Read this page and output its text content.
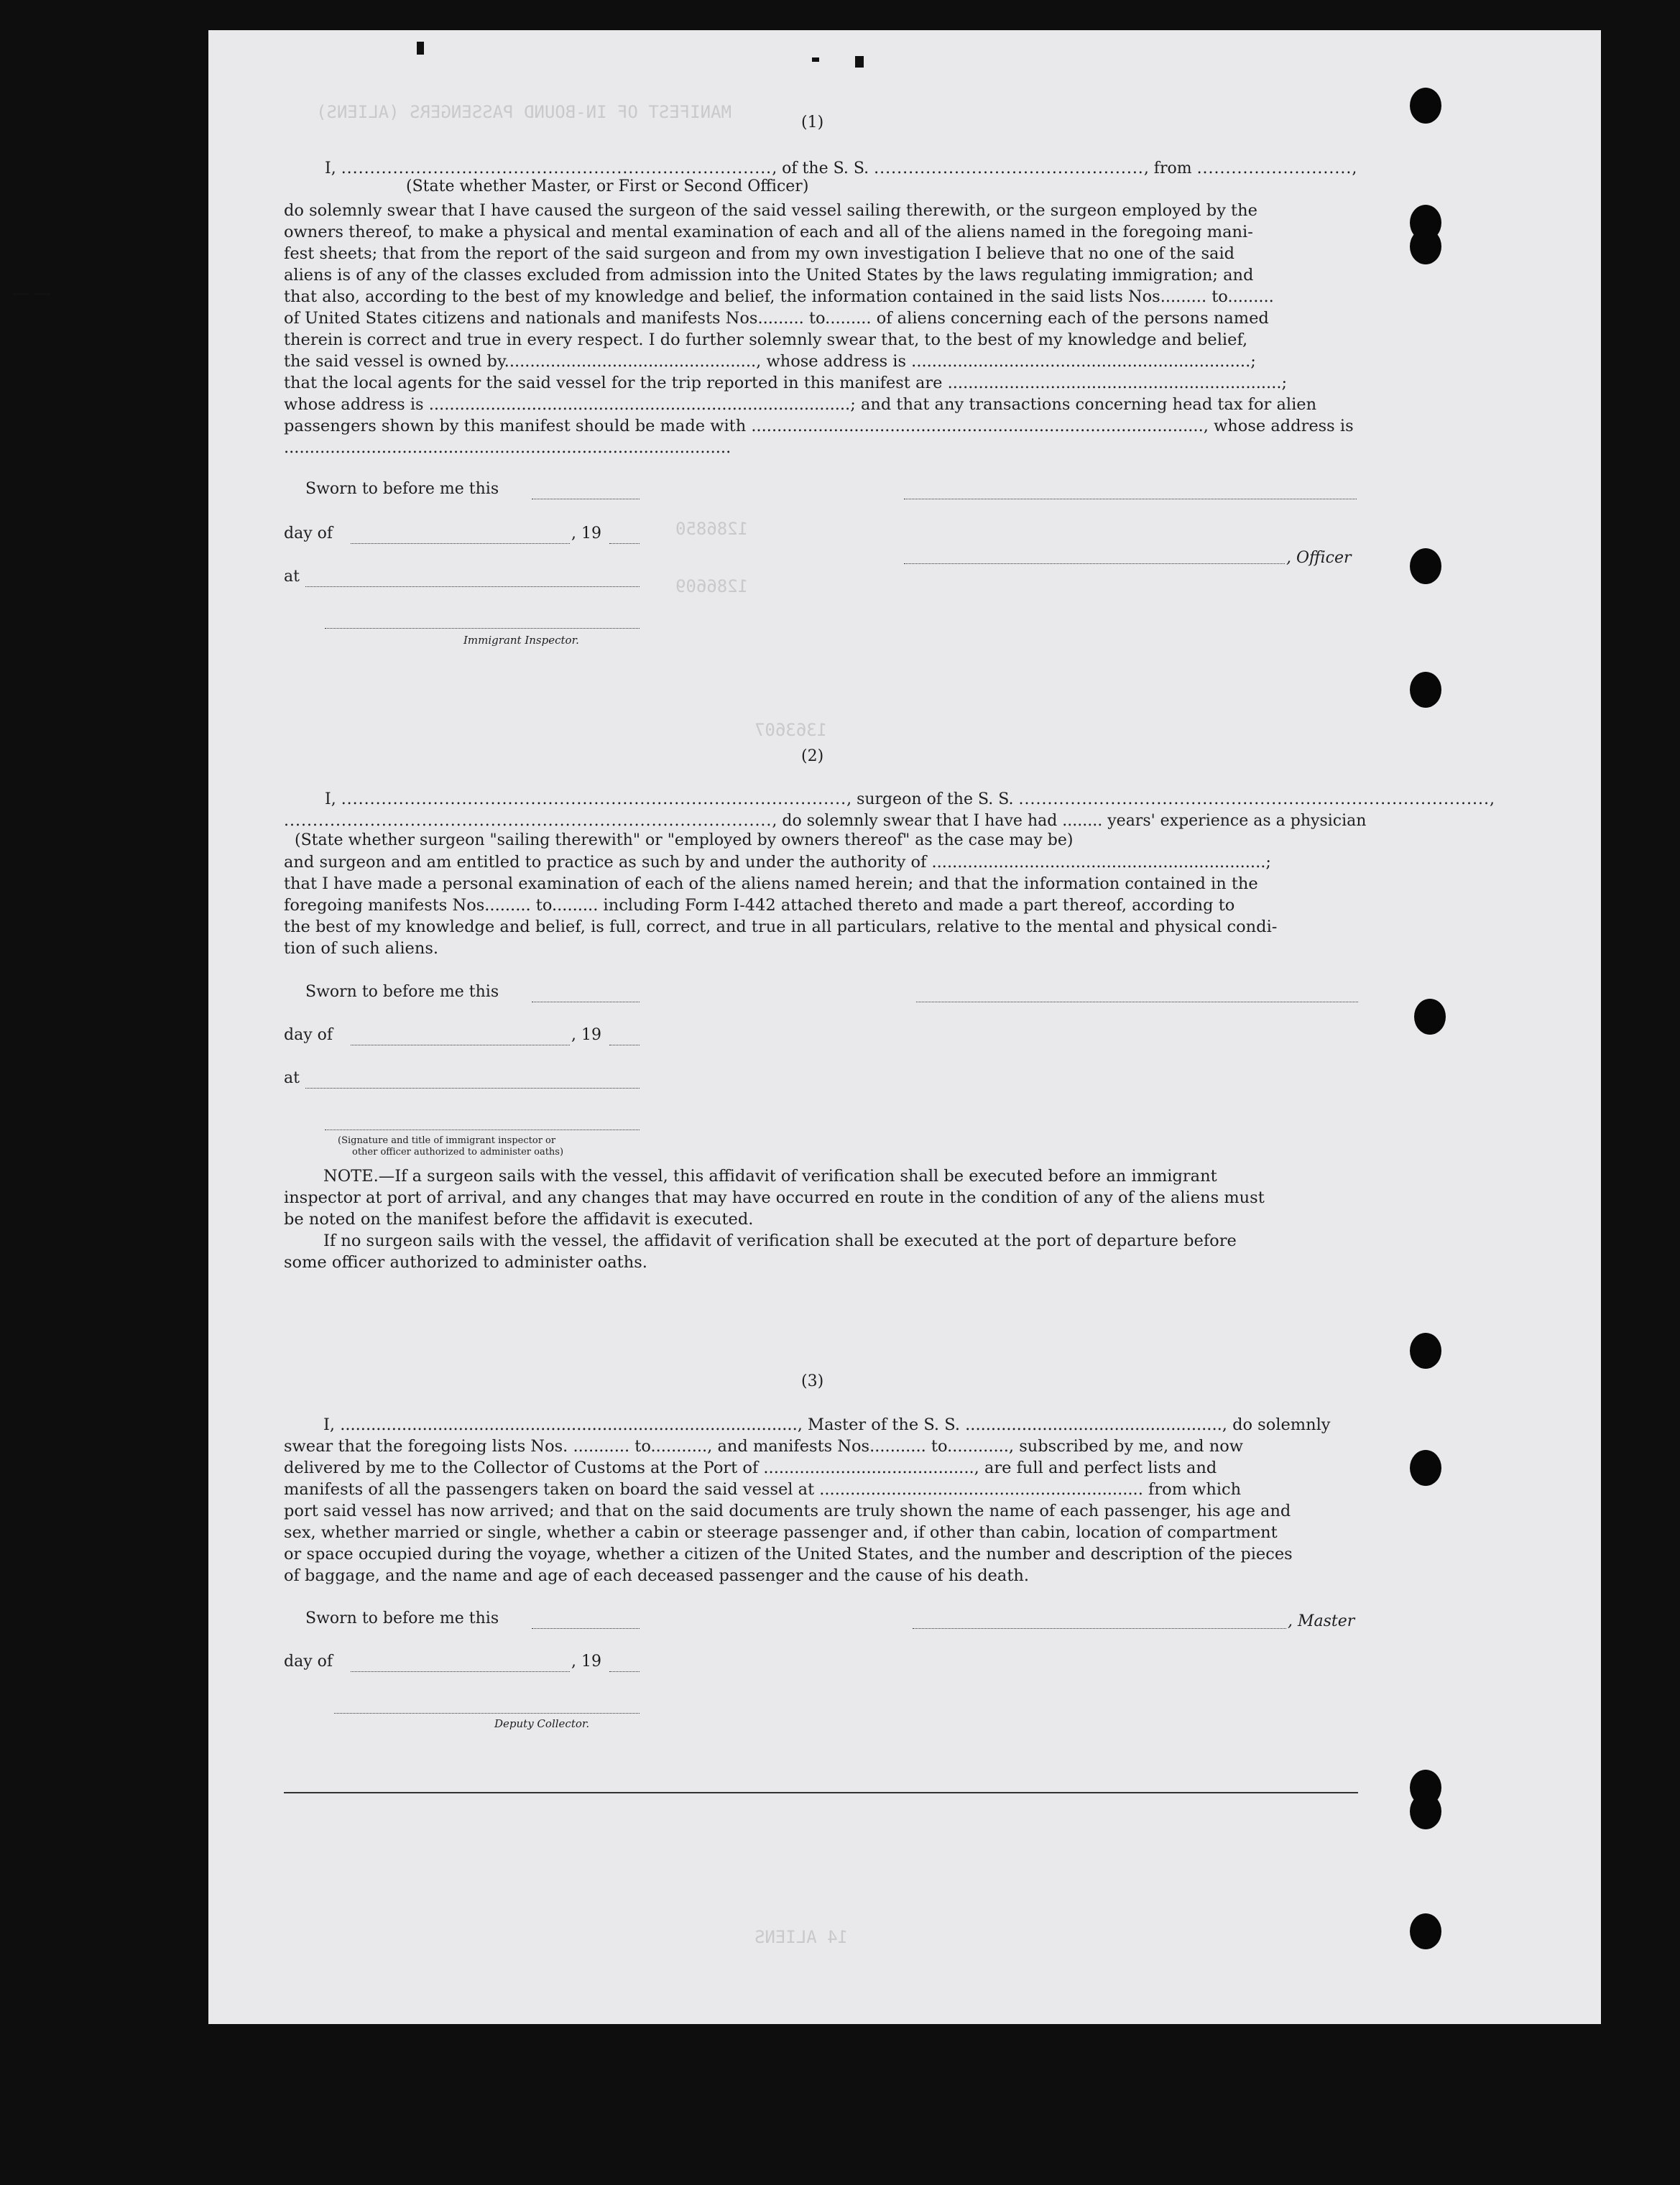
MANIFEST OF IN-BOUND PASSENGERS (ALIENS)
1286850
1286609
1363607
14 ALIENS
(1)
I, ..........................................................................., of the S. S. ..............................................., from ...........................,
(State whether Master, or First or Second Officer)
do solemnly swear that I have caused the surgeon of the said vessel sailing therewith, or the surgeon employed by the
owners thereof, to make a physical and mental examination of each and all of the aliens named in the foregoing mani-
fest sheets; that from the report of the said surgeon and from my own investigation I believe that no one of the said
aliens is of any of the classes excluded from admission into the United States by the laws regulating immigration; and
that also, according to the best of my knowledge and belief, the information contained in the said lists Nos......... to.........
of United States citizens and nationals and manifests Nos......... to......... of aliens concerning each of the persons named
therein is correct and true in every respect. I do further solemnly swear that, to the best of my knowledge and belief,
the said vessel is owned by................................................., whose address is ..................................................................;
that the local agents for the said vessel for the trip reported in this manifest are .................................................................;
whose address is ..................................................................................; and that any transactions concerning head tax for alien
passengers shown by this manifest should be made with ........................................................................................, whose address is
.......................................................................................
Sworn to before me this
day of	, 19
, Officer
at
Immigrant Inspector.
(2)
I, ........................................................................................, surgeon of the S. S. ..................................................................................,
....................................................................................., do solemnly swear that I have had ........ years' experience as a physician
(State whether surgeon "sailing therewith" or "employed by owners thereof" as the case may be)
and surgeon and am entitled to practice as such by and under the authority of .................................................................;
that I have made a personal examination of each of the aliens named herein; and that the information contained in the
foregoing manifests Nos......... to......... including Form I-442 attached thereto and made a part thereof, according to
the best of my knowledge and belief, is full, correct, and true in all particulars, relative to the mental and physical condi-
tion of such aliens.
Sworn to before me this
day of	, 19
at
(Signature and title of immigrant inspector or
other officer authorized to administer oaths)
NOTE.—If a surgeon sails with the vessel, this affidavit of verification shall be executed before an immigrant
inspector at port of arrival, and any changes that may have occurred en route in the condition of any of the aliens must
be noted on the manifest before the affidavit is executed.
If no surgeon sails with the vessel, the affidavit of verification shall be executed at the port of departure before
some officer authorized to administer oaths.
(3)
I, ........................................................................................., Master of the S. S. .................................................., do solemnly
swear that the foregoing lists Nos. ........... to..........., and manifests Nos........... to............, subscribed by me, and now
delivered by me to the Collector of Customs at the Port of ........................................., are full and perfect lists and
manifests of all the passengers taken on board the said vessel at ............................................................... from which
port said vessel has now arrived; and that on the said documents are truly shown the name of each passenger, his age and
sex, whether married or single, whether a cabin or steerage passenger and, if other than cabin, location of compartment
or space occupied during the voyage, whether a citizen of the United States, and the number and description of the pieces
of baggage, and the name and age of each deceased passenger and the cause of his death.
Sworn to before me this	, Master
day of	, 19
Deputy Collector.
